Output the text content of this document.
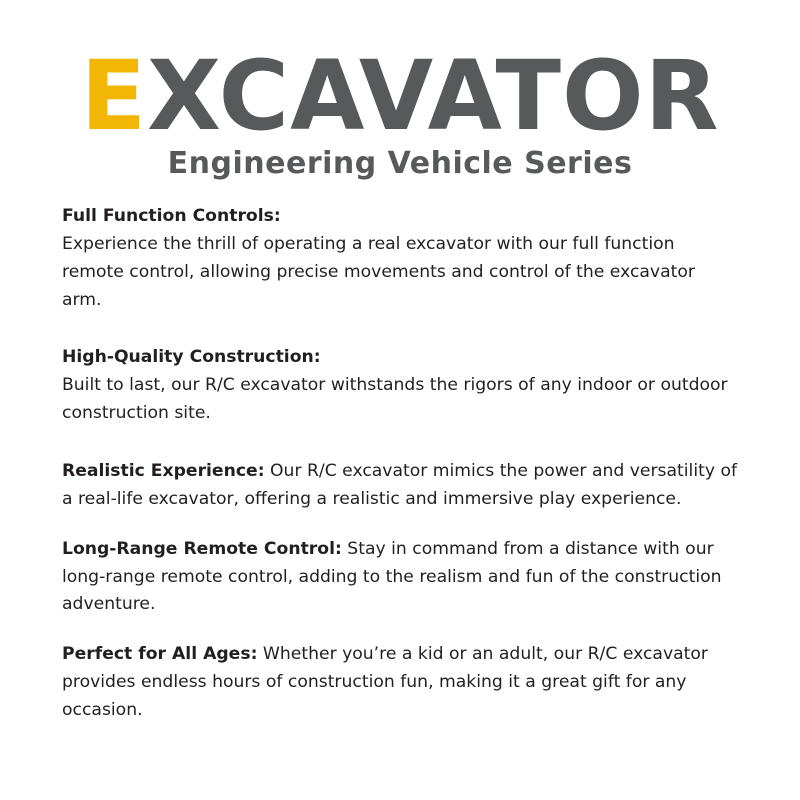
EXCAVATOR
Engineering Vehicle Series

Full Function Controls:
Experience the thrill of operating a real excavator with our full function remote control, allowing precise movements and control of the excavator arm.

High-Quality Construction:
Built to last, our R/C excavator withstands the rigors of any indoor or outdoor construction site.

Realistic Experience: Our R/C excavator mimics the power and versatility of a real-life excavator, offering a realistic and immersive play experience.

Long-Range Remote Control: Stay in command from a distance with our long-range remote control, adding to the realism and fun of the construction adventure.

Perfect for All Ages: Whether you’re a kid or an adult, our R/C excavator provides endless hours of construction fun, making it a great gift for any occasion.
